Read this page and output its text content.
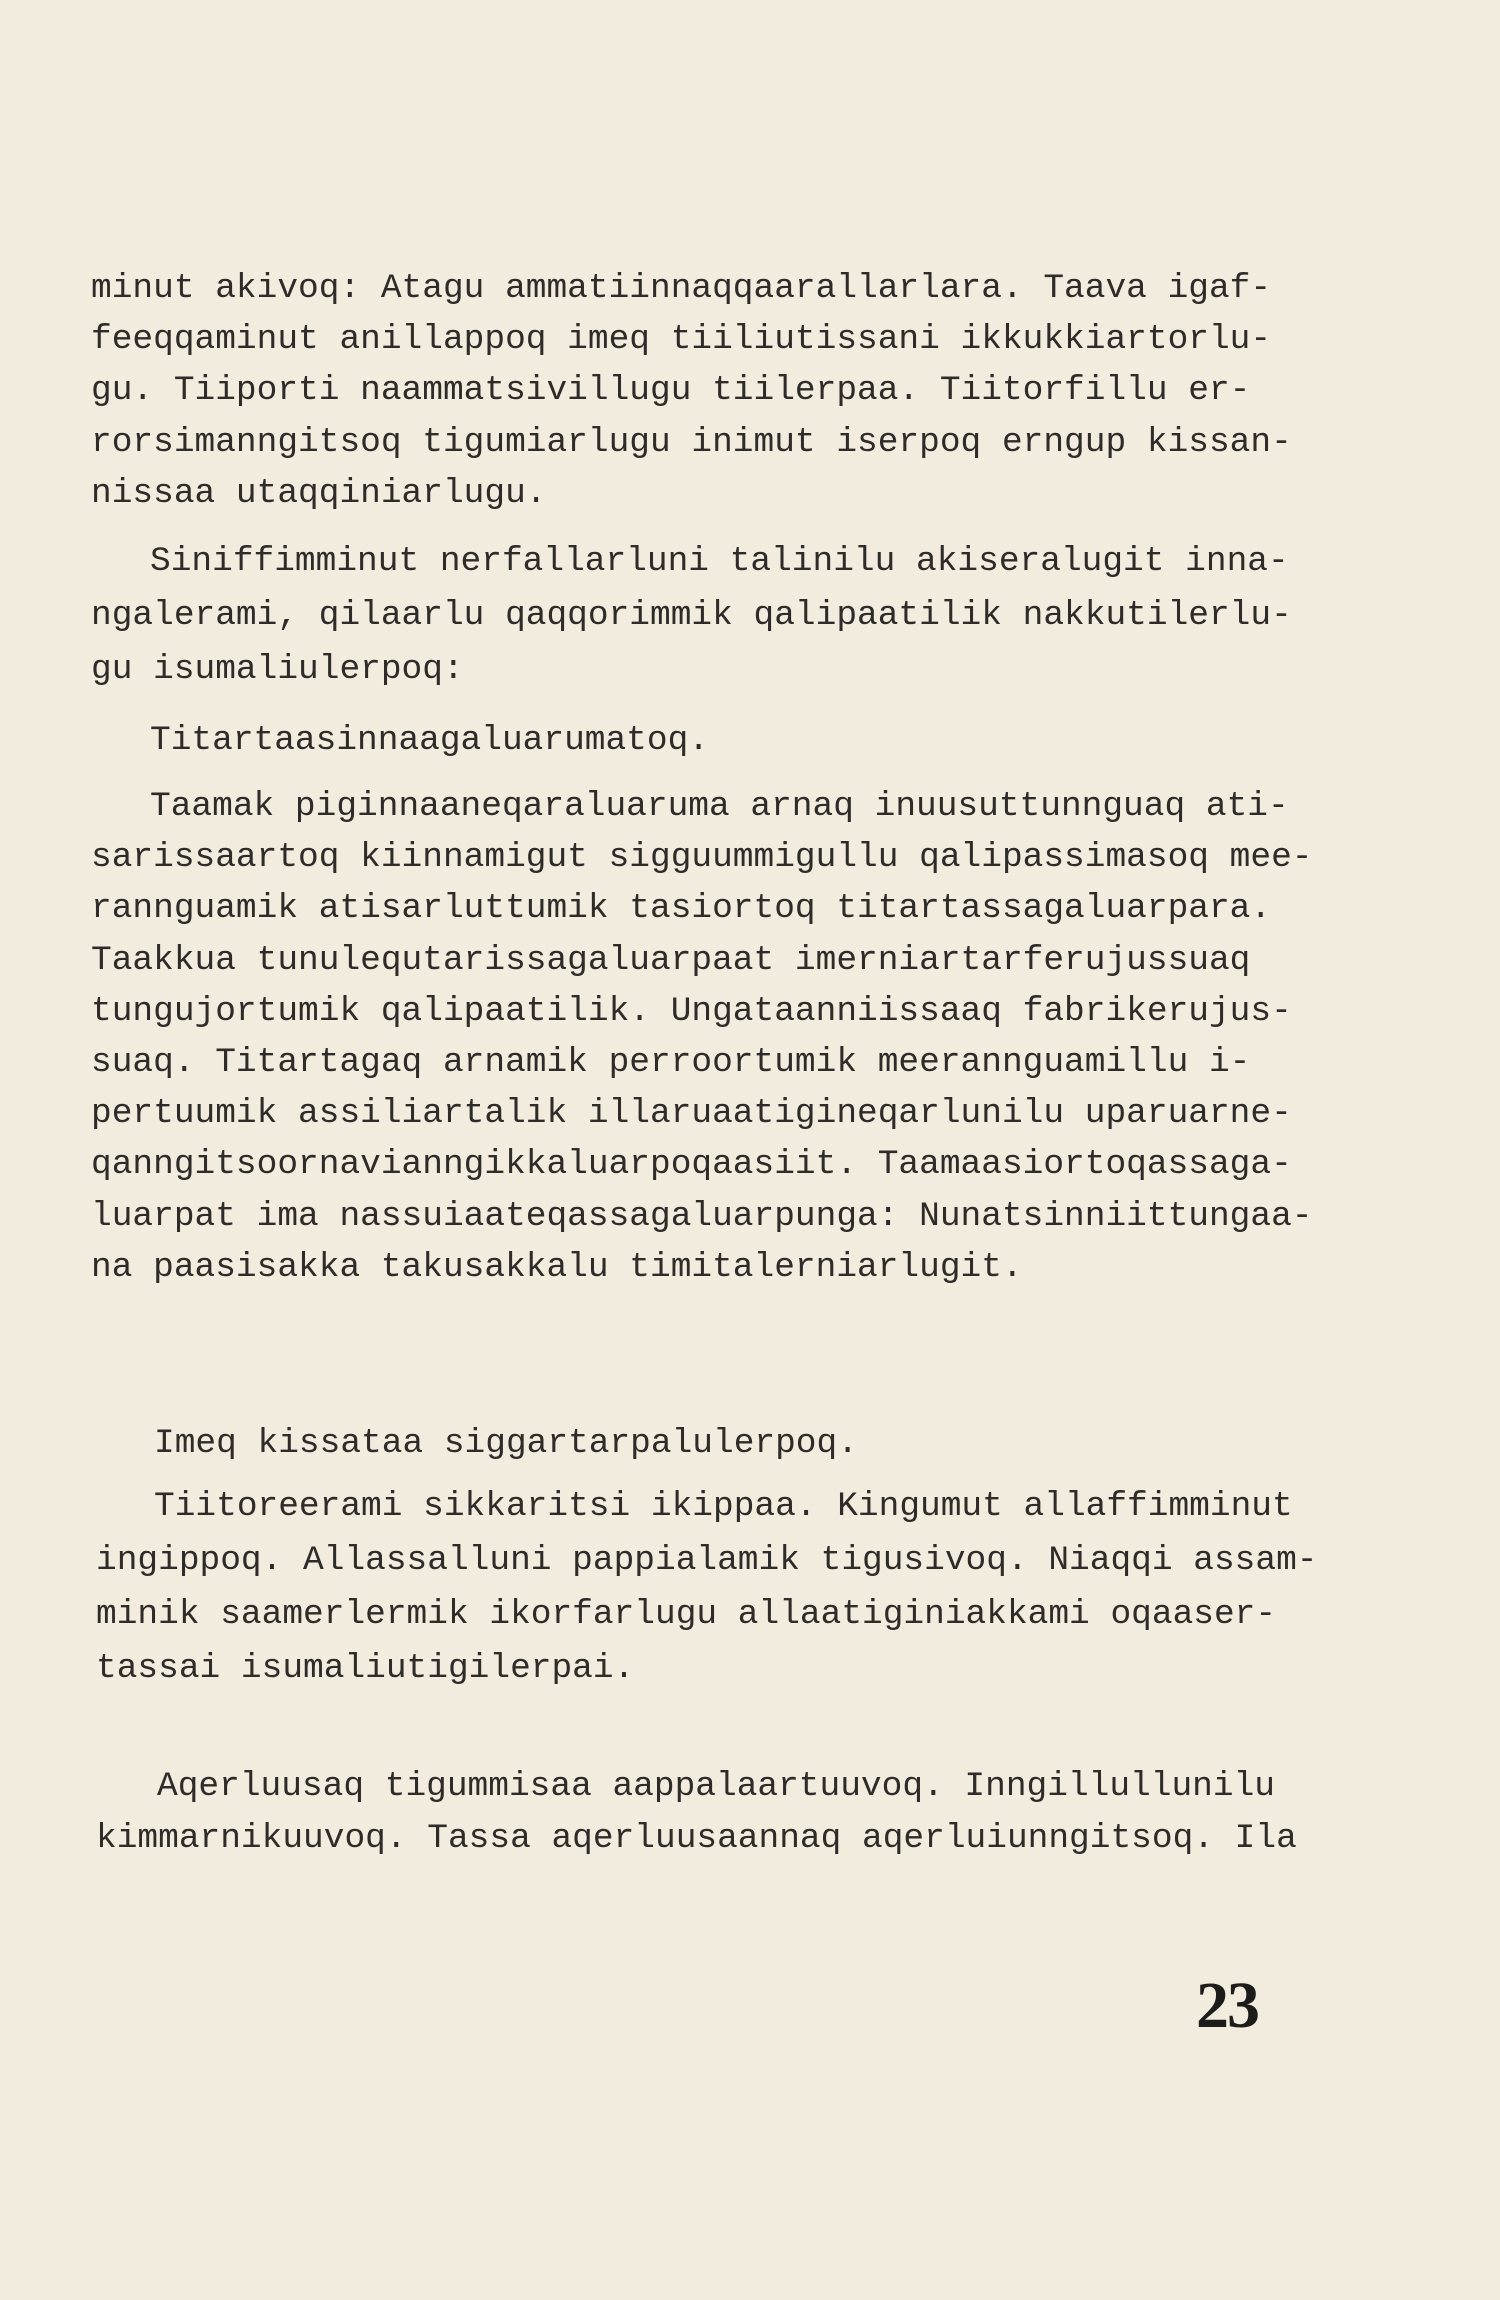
minut akivoq: Atagu ammatiinnaqqaarallarlara. Taava igaf-
feeqqaminut anillappoq imeq tiiliutissani ikkukkiartorlu-
gu. Tiiporti naammatsivillugu tiilerpaa. Tiitorfillu er-
rorsimanngitsoq tigumiarlugu inimut iserpoq erngup kissan-
nissaa utaqqiniarlugu.
Siniffimminut nerfallarluni talinilu akiseralugit inna-
ngalerami, qilaarlu qaqqorimmik qalipaatilik nakkutilerlu-
gu isumaliulerpoq:
Titartaasinnaagaluarumatoq.
Taamak piginnaaneqaraluaruma arnaq inuusuttunnguaq ati-
sarissaartoq kiinnamigut sigguummigullu qalipassimasoq mee-
rannguamik atisarluttumik tasiortoq titartassagaluarpara.
Taakkua tunulequtarissagaluarpaat imerniartarferujussuaq
tungujortumik qalipaatilik. Ungataanniissaaq fabrikerujus-
suaq. Titartagaq arnamik perroortumik meerannguamillu i-
pertuumik assiliartalik illaruaatigineqarlunilu uparuarne-
qanngitsoornavianngikkaluarpoqaasiit. Taamaasiortoqassaga-
luarpat ima nassuiaateqassagaluarpunga: Nunatsinniittungaa-
na paasisakka takusakkalu timitalerniarlugit.
Imeq kissataa siggartarpalulerpoq.
Tiitoreerami sikkaritsi ikippaa. Kingumut allaffimminut
ingippoq. Allassalluni pappialamik tigusivoq. Niaqqi assam-
minik saamerlermik ikorfarlugu allaatiginiakkami oqaaser-
tassai isumaliutigilerpai.
Aqerluusaq tigummisaa aappalaartuuvoq. Inngillullunilu
kimmarnikuuvoq. Tassa aqerluusaannaq aqerluiunngitsoq. Ila
23
